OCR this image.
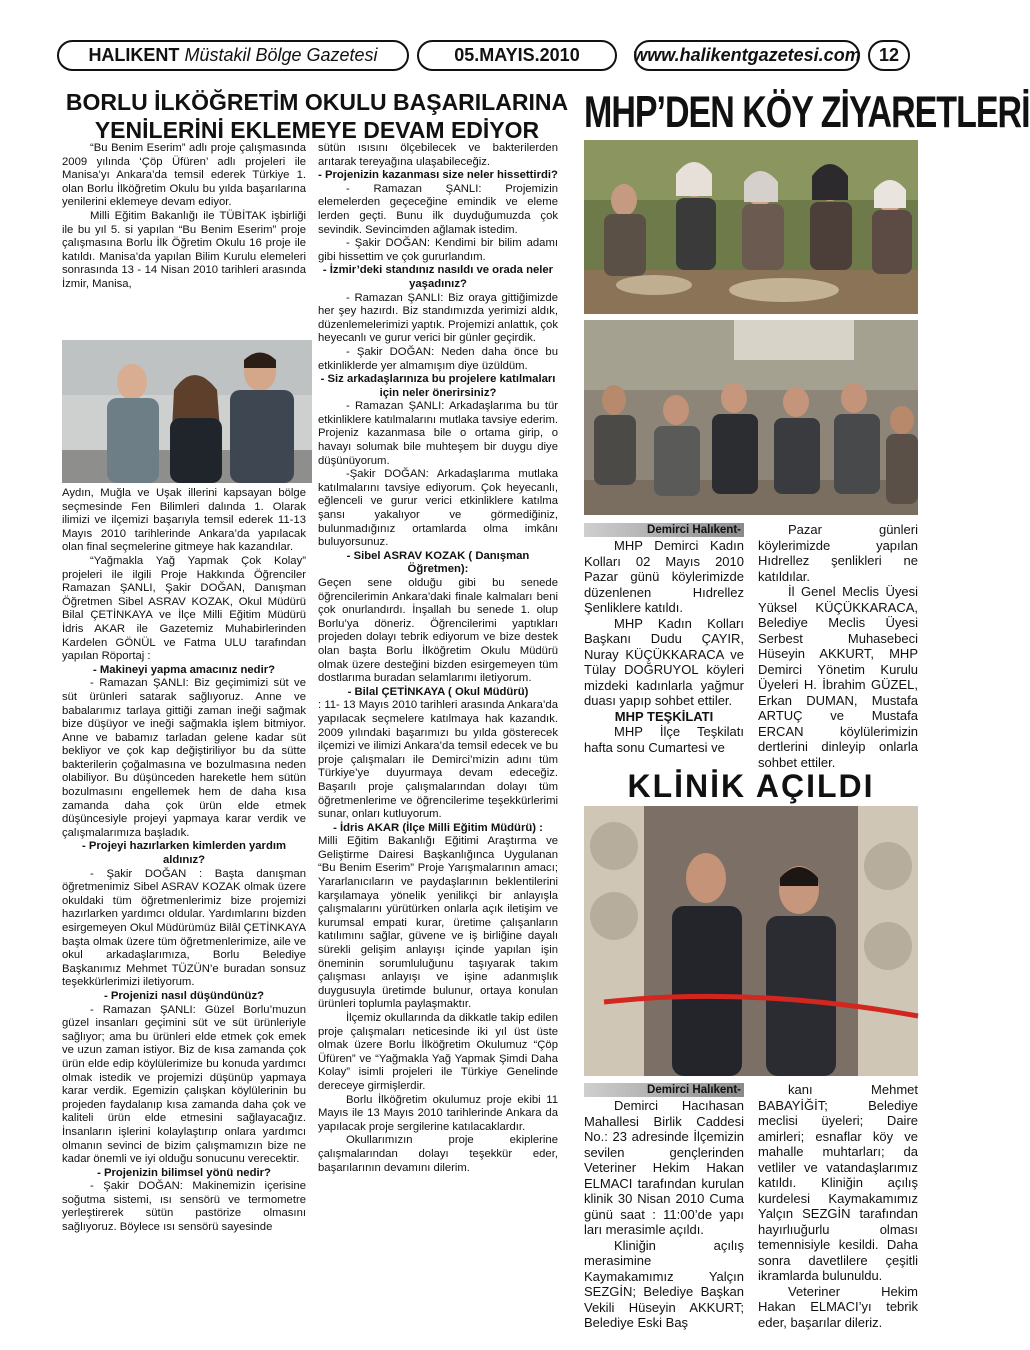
HALIKENT
Müstakil Bölge Gazetesi	05.MAYIS.2010	www.halikentgazetesi.com 12
BORLU İLKÖĞRETİM OKULU BAŞARILARINA YENİLERİNİ EKLEMEYE DEVAM EDİYOR

“Bu Benim Eserim” adlı proje çalışmasında 2009 yılında ‘Çöp Üfüren’ adlı projeleri ile Manisa’yı Ankara’da temsil ederek Türkiye 1. olan Borlu İlköğretim Okulu bu yılda başarılarına yenilerini eklemeye devam ediyor.

Milli Eğitim Bakanlığı ile TÜBİTAK işbirliği ile bu yıl 5. si yapılan “Bu Benim Eserim” proje çalışmasına Borlu İlk Öğretim Okulu 16 proje ile katıldı. Manisa’da yapılan Bilim Kurulu elemeleri sonrasında 13 - 14 Nisan 2010 tarihleri arasında İzmir, Manisa,

Aydın, Muğla ve Uşak illerini kapsayan bölge seçmesinde Fen Bilimleri dalında 1. Olarak ilimizi ve ilçemizi başarıyla temsil ederek 11-13 Mayıs 2010 tarihlerinde Ankara’da yapılacak olan final seçmelerine gitmeye hak kazandılar.

“Yağmakla Yağ Yapmak Çok Kolay” projeleri ile ilgili Proje Hakkında Öğrenciler Ramazan ŞANLI, Şakir DOĞAN, Danışman Öğretmen Sibel ASRAV KOZAK, Okul Müdürü Bilal ÇETİNKAYA ve İlçe Milli Eğitim Müdürü İdris AKAR ile Gazetemiz Muhabirlerinden Kardelen GÖNÜL ve Fatma ULU tarafından yapılan Röportaj :

- Makineyi yapma amacınız nedir?

- Ramazan ŞANLI: Biz geçimimizi süt ve süt ürünleri satarak sağlıyoruz. Anne ve babalarımız tarlaya gittiği zaman ineği sağmak bize düşüyor ve ineği sağmakla işlem bitmiyor. Anne ve babamız tarladan gelene kadar süt bekliyor ve çok kap değiştiriliyor bu da sütte bakterilerin çoğalmasına ve bozulmasına neden olabiliyor. Bu düşünceden hareketle hem sütün bozulmasını engellemek hem de daha kısa zamanda daha çok ürün elde etmek düşüncesiyle projeyi yapmaya karar verdik ve çalışmalarımıza başladık.

- Projeyi hazırlarken kimlerden yardım aldınız?

- Şakir DOĞAN : Başta danışman öğretmenimiz Sibel ASRAV KOZAK olmak üzere okuldaki tüm öğretmenlerimiz bize projemizi hazırlarken yardımcı oldular. Yardımlarını bizden esirgemeyen Okul Müdürümüz Bilâl ÇETİNKAYA başta olmak üzere tüm öğretmenlerimize, aile ve okul arkadaşlarımıza, Borlu Belediye Başkanımız Mehmet TÜZÜN’e buradan sonsuz teşekkürlerimizi iletiyorum.

- Projenizi nasıl düşündünüz?

- Ramazan ŞANLI: Güzel Borlu’muzun güzel insanları geçimini süt ve süt ürünleriyle sağlıyor; ama bu ürünleri elde etmek çok emek ve uzun zaman istiyor. Biz de kısa zamanda çok ürün elde edip köylülerimize bu konuda yardımcı olmak istedik ve projemizi düşünüp yapmaya karar verdik. Egemizin çalışkan köylülerinin bu projeden faydalanıp kısa zamanda daha çok ve kaliteli ürün elde etmesini sağlayacağız. İnsanların işlerini kolaylaştırıp onlara yardımcı olmanın sevinci de bizim çalışmamızın bize ne kadar önemli ve iyi olduğu sonucunu verecektir.

- Projenizin bilimsel yönü nedir?

- Şakir DOĞAN: Makinemizin içerisine soğutma sistemi, ısı sensörü ve termometre yerleştirerek sütün pastörize olmasını sağlıyoruz. Böylece ısı sensörü sayesinde

sütün ısısını ölçebilecek ve bakterilerden arıtarak tereyağına ulaşabileceğiz.

- Projenizin kazanması size neler hissettirdi?

- Ramazan ŞANLI: Projemizin elemelerden geçeceğine emindik ve eleme lerden geçti. Bunu ilk duyduğumuzda çok sevindik. Sevincimden ağlamak istedim.

- Şakir DOĞAN: Kendimi bir bilim adamı gibi hissettim ve çok gururlandım.

- İzmir’deki standınız nasıldı ve orada neler yaşadınız?

- Ramazan ŞANLI: Biz oraya gittiğimizde her şey hazırdı. Biz standımızda yerimizi aldık, düzenlemelerimizi yaptık. Projemizi anlattık, çok heyecanlı ve gurur verici bir günler geçirdik.

- Şakir DOĞAN: Neden daha önce bu etkinliklerde yer almamışım diye üzüldüm.

- Siz arkadaşlarınıza bu projelere katılmaları için neler önerirsiniz?

- Ramazan ŞANLI: Arkadaşlarıma bu tür etkinliklere katılmalarını mutlaka tavsiye ederim. Projeniz kazanmasa bile o ortama girip, o havayı solumak bile muhteşem bir duygu diye düşünüyorum.

-Şakir DOĞAN: Arkadaşlarıma mutlaka katılmalarını tavsiye ediyorum. Çok heyecanlı, eğlenceli ve gurur verici etkinliklere katılma şansı yakalıyor ve görmediğiniz, bulunmadığınız ortamlarda olma imkânı buluyorsunuz.

- Sibel ASRAV KOZAK ( Danışman Öğretmen):

Geçen sene olduğu gibi bu senede öğrencilerimin Ankara’daki finale kalmaları beni çok onurlandırdı. İnşallah bu senede 1. olup Borlu’ya döneriz. Öğrencilerimi yaptıkları projeden dolayı tebrik ediyorum ve bize destek olan başta Borlu İlköğretim Okulu Müdürü olmak üzere desteğini bizden esirgemeyen tüm dostlarıma buradan selamlarımı iletiyorum.

- Bilal ÇETİNKAYA ( Okul Müdürü)

: 11- 13 Mayıs 2010 tarihleri arasında Ankara’da yapılacak seçmelere katılmaya hak kazandık. 2009 yılındaki başarımızı bu yılda gösterecek ilçemizi ve ilimizi Ankara’da temsil edecek ve bu proje çalışmaları ile Demirci’mizin adını tüm Türkiye’ye duyurmaya devam edeceğiz. Başarılı proje çalışmalarından dolayı tüm öğretmenlerime ve öğrencilerime teşekkürlerimi sunar, onları kutluyorum.

- İdris AKAR (İlçe Milli Eğitim Müdürü) :

Milli Eğitim Bakanlığı Eğitimi Araştırma ve Geliştirme Dairesi Başkanlığınca Uygulanan “Bu Benim Eserim” Proje Yarışmalarının amacı; Yararlanıcıların ve paydaşlarının beklentilerini karşılamaya yönelik yenilikçi bir anlayışla çalışmalarını yürütürken onlarla açık iletişim ve kurumsal empati kurar, üretime çalışanların katılımını sağlar, güvene ve iş birliğine dayalı sürekli gelişim anlayışı içinde yapılan işin öneminin sorumluluğunu taşıyarak takım çalışması anlayışı ve işine adanmışlık duygusuyla üretimde bulunur, ortaya konulan ürünleri toplumla paylaşmaktır.

İlçemiz okullarında da dikkatle takip edilen proje çalışmaları neticesinde iki yıl üst üste olmak üzere Borlu İlköğretim Okulumuz “Çöp Üfüren” ve “Yağmakla Yağ Yapmak Şimdi Daha Kolay” isimli projeleri ile Türkiye Genelinde dereceye girmişlerdir.

Borlu İlköğretim okulumuz proje ekibi 11 Mayıs ile 13 Mayıs 2010 tarihlerinde Ankara da yapılacak proje sergilerine katılacaklardır.

Okullarımızın proje ekiplerine çalışmalarından dolayı teşekkür eder, başarılarının devamını dilerim.

MHP’DEN KÖY ZİYARETLERİ
Demirci Halıkent-

MHP Demirci Kadın Kolları 02 Mayıs 2010 Pazar günü köylerimizde düzenlenen Hıdrellez Şenliklere katıldı.

MHP Kadın Kolları Başkanı Dudu ÇAYIR, Nuray KÜÇÜKKARACA ve Tülay DOĞRUYOL köyleri mizdeki kadınlarla yağmur duası yapıp sohbet ettiler.

MHP TEŞKİLATI

MHP İlçe Teşkilatı hafta sonu Cumartesi ve

Pazar günleri köylerimizde yapılan Hıdrellez şenlikleri ne katıldılar.

İl Genel Meclis Üyesi Yüksel KÜÇÜKKARACA, Belediye Meclis Üyesi Serbest Muhasebeci Hüseyin AKKURT, MHP Demirci Yönetim Kurulu Üyeleri H. İbrahim GÜZEL, Erkan DUMAN, Mustafa ARTUÇ ve Mustafa ERCAN köylülerimizin dertlerini dinleyip onlarla sohbet ettiler.

KLİNİK AÇILDI
Demirci Halıkent-

Demirci Hacıhasan Mahallesi Birlik Caddesi No.: 23 adresinde İlçemizin sevilen gençlerinden Veteriner Hekim Hakan ELMACI tarafından kurulan klinik 30 Nisan 2010 Cuma günü saat : 11:00’de yapı ları merasimle açıldı.

Kliniğin açılış merasimine Kaymakamımız Yalçın SEZGİN; Belediye Başkan Vekili Hüseyin AKKURT; Belediye Eski Baş

kanı Mehmet BABAYİĞİT; Belediye meclisi üyeleri; Daire amirleri; esnaflar köy ve mahalle muhtarları; da vetliler ve vatandaşlarımız katıldı. Kliniğin açılış kurdelesi Kaymakamımız Yalçın SEZGİN tarafından hayırlıuğurlu olması temennisiyle kesildi. Daha sonra davetlilere çeşitli ikramlarda bulunuldu.

Veteriner Hekim Hakan ELMACI’yı tebrik eder, başarılar dileriz.
